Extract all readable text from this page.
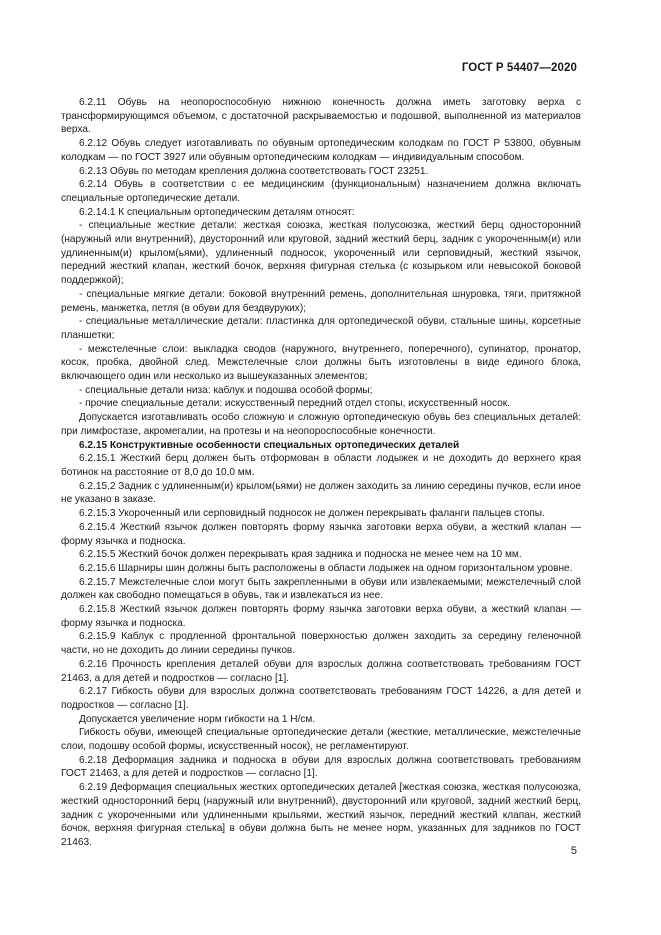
ГОСТ Р 54407—2020

6.2.11 Обувь на неопороспособную нижнюю конечность должна иметь заготовку верха с трансформирующимся объемом, с достаточной раскрываемостью и подошвой, выполненной из материалов верха.

6.2.12 Обувь следует изготавливать по обувным ортопедическим колодкам по ГОСТ Р 53800, обувным колодкам — по ГОСТ 3927 или обувным ортопедическим колодкам — индивидуальным способом.

6.2.13 Обувь по методам крепления должна соответствовать ГОСТ 23251.

6.2.14 Обувь в соответствии с ее медицинским (функциональным) назначением должна включать специальные ортопедические детали.

6.2.14.1 К специальным ортопедическим деталям относят:

- специальные жесткие детали: жесткая союзка, жесткая полусоюзка, жесткий берц односторонний (наружный или внутренний), двусторонний или круговой, задний жесткий берц, задник с укороченным(и) или удлиненным(и) крылом(ьями), удлиненный подносок, укороченный или серповидный, жесткий язычок, передний жесткий клапан, жесткий бочок, верхняя фигурная стелька (с козырьком или невысокой боковой поддержкой);

- специальные мягкие детали: боковой внутренний ремень, дополнительная шнуровка, тяги, притяжной ремень, манжетка, петля (в обуви для бездвуруких);

- специальные металлические детали: пластинка для ортопедической обуви, стальные шины, корсетные планшетки;

- межстелечные слои: выкладка сводов (наружного, внутреннего, поперечного), супинатор, пронатор, косок, пробка, двойной след. Межстелечные слои должны быть изготовлены в виде единого блока, включающего один или несколько из вышеуказанных элементов;

- специальные детали низа: каблук и подошва особой формы;

- прочие специальные детали: искусственный передний отдел стопы, искусственный носок.

Допускается изготавливать особо сложную и сложную ортопедическую обувь без специальных деталей: при лимфостазе, акромегалии, на протезы и на неопороспособные конечности.

6.2.15 Конструктивные особенности специальных ортопедических деталей

6.2.15.1 Жесткий берц должен быть отформован в области лодыжек и не доходить до верхнего края ботинок на расстояние от 8,0 до 10,0 мм.

6.2.15.2 Задник с удлиненным(и) крылом(ьями) не должен заходить за линию середины пучков, если иное не указано в заказе.

6.2.15.3 Укороченный или серповидный подносок не должен перекрывать фаланги пальцев стопы.

6.2.15.4 Жесткий язычок должен повторять форму язычка заготовки верха обуви, а жесткий клапан — форму язычка и подноска.

6.2.15.5 Жесткий бочок должен перекрывать края задника и подноска не менее чем на 10 мм.

6.2.15.6 Шарниры шин должны быть расположены в области лодыжек на одном горизонтальном уровне.

6.2.15.7 Межстелечные слои могут быть закрепленными в обуви или извлекаемыми; межстелечный слой должен как свободно помещаться в обувь, так и извлекаться из нее.

6.2.15.8 Жесткий язычок должен повторять форму язычка заготовки верха обуви, а жесткий клапан — форму язычка и подноска.

6.2.15.9 Каблук с продленной фронтальной поверхностью должен заходить за середину геленочной части, но не доходить до линии середины пучков.

6.2.16 Прочность крепления деталей обуви для взрослых должна соответствовать требованиям ГОСТ 21463, а для детей и подростков — согласно [1].

6.2.17 Гибкость обуви для взрослых должна соответствовать требованиям ГОСТ 14226, а для детей и подростков — согласно [1].

Допускается увеличение норм гибкости на 1 Н/см.

Гибкость обуви, имеющей специальные ортопедические детали (жесткие, металлические, межстелечные слои, подошву особой формы, искусственный носок), не регламентируют.

6.2.18 Деформация задника и подноска в обуви для взрослых должна соответствовать требованиям ГОСТ 21463, а для детей и подростков — согласно [1].

6.2.19 Деформация специальных жестких ортопедических деталей [жесткая союзка, жесткая полусоюзка, жесткий односторонний берц (наружный или внутренний), двусторонний или круговой, задний жесткий берц, задник с укороченными или удлиненными крыльями, жесткий язычок, передний жесткий клапан, жесткий бочок, верхняя фигурная стелька] в обуви должна быть не менее норм, указанных для задников по ГОСТ 21463.

5
